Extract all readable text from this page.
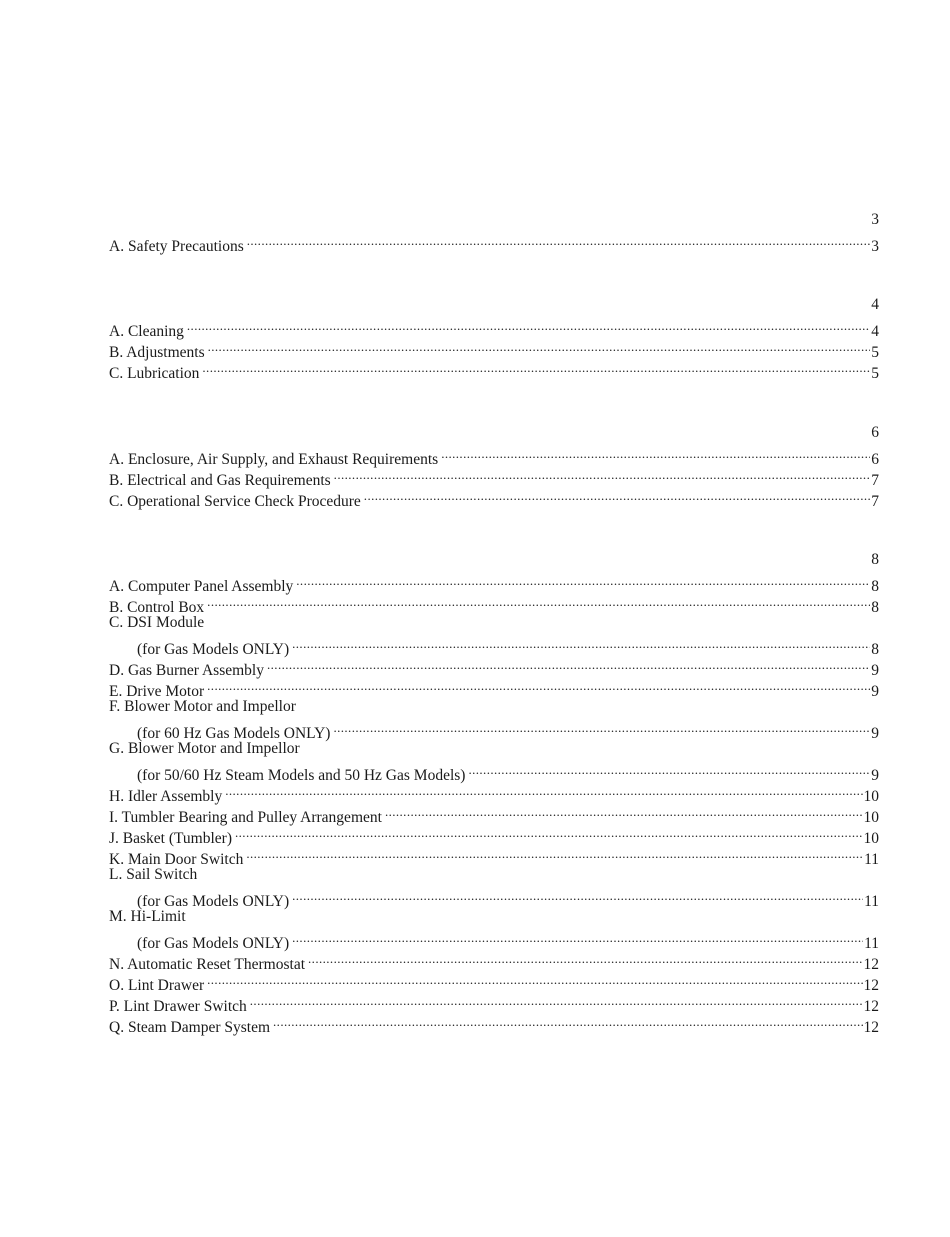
3
A. Safety Precautions .....	3
4
A. Cleaning .....	4
B. Adjustments .....	5
C. Lubrication .....	5
6
A. Enclosure, Air Supply, and Exhaust Requirements .....	6
B. Electrical and Gas Requirements .....	7
C. Operational Service Check Procedure .....	7
8
A. Computer Panel Assembly .....	8
B. Control Box .....	8
C. DSI Module
(for Gas Models ONLY) .....	8
D. Gas Burner Assembly .....	9
E. Drive Motor .....	9
F. Blower Motor and Impellor
(for 60 Hz Gas Models ONLY) .....	9
G. Blower Motor and Impellor
(for 50/60 Hz Steam Models and 50 Hz Gas Models) .....	9
H. Idler Assembly .....	10
I. Tumbler Bearing and Pulley Arrangement .....	10
J. Basket (Tumbler) .....	10
K. Main Door Switch .....	11
L. Sail Switch
(for Gas Models ONLY) .....	11
M. Hi-Limit
(for Gas Models ONLY) .....	11
N. Automatic Reset Thermostat .....	12
O. Lint Drawer .....	12
P. Lint Drawer Switch .....	12
Q. Steam Damper System .....	12
